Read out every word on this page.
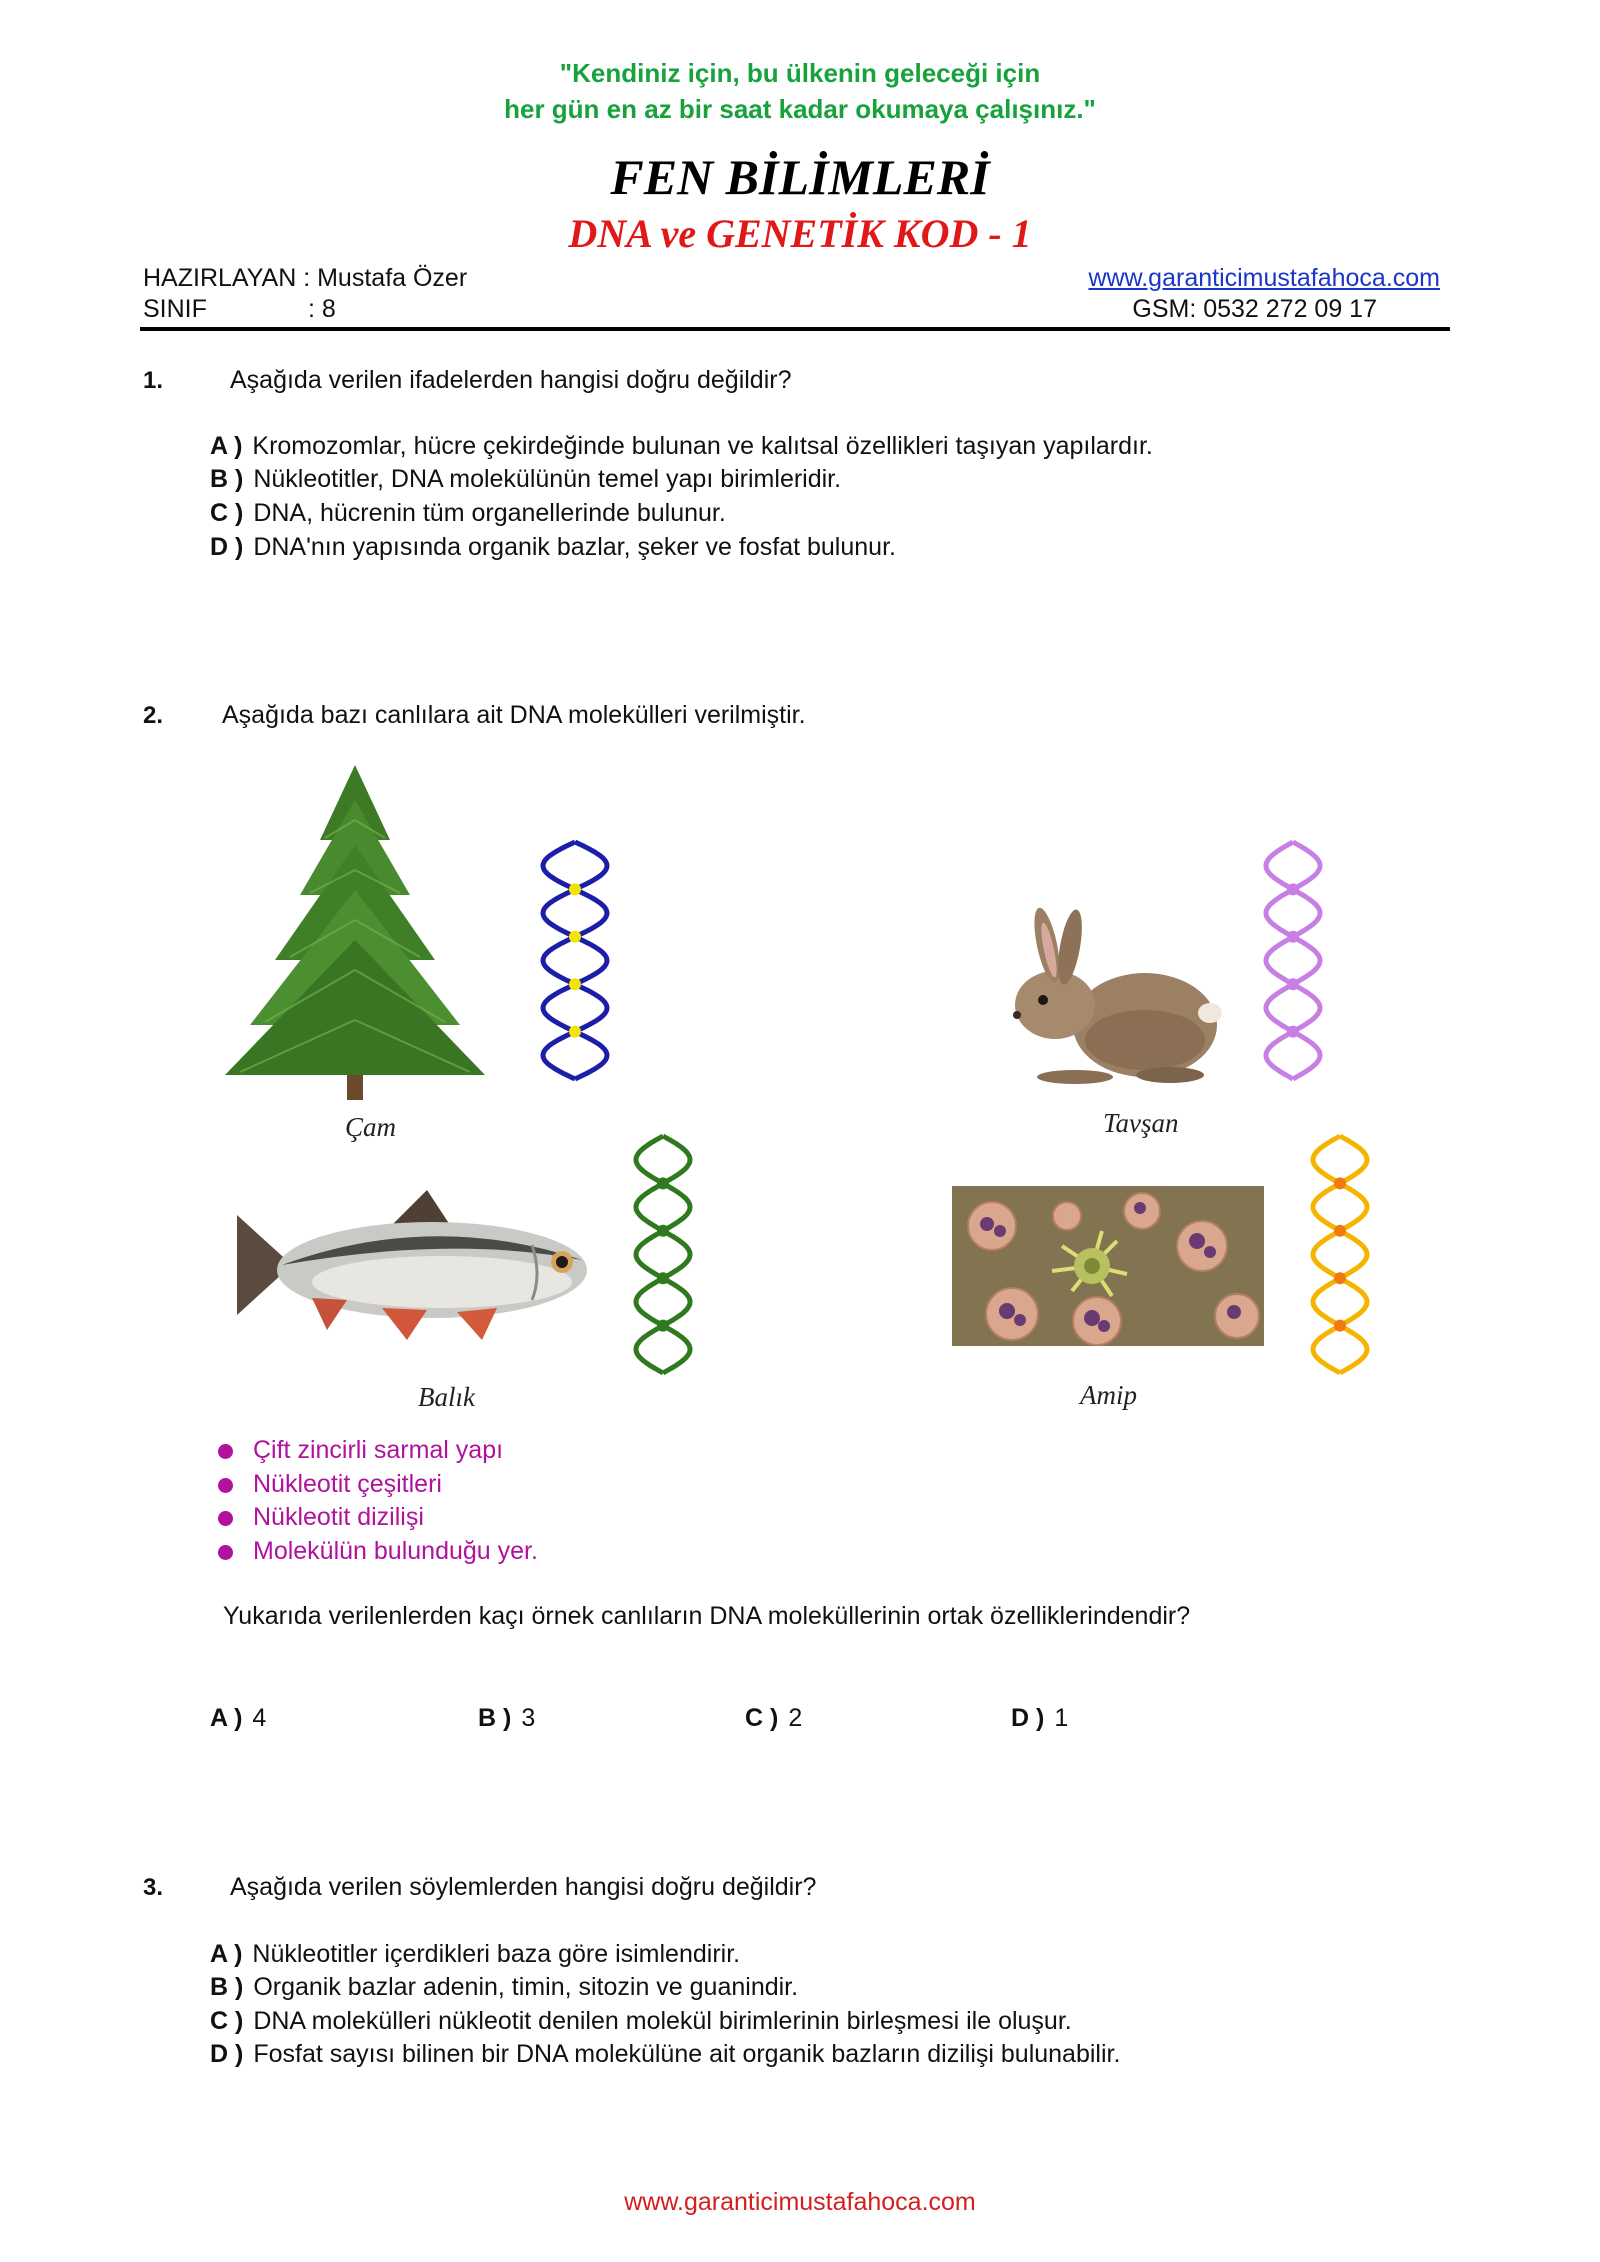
"Kendiniz için, bu ülkenin geleceği için
her gün en az bir saat kadar okumaya çalışınız."
FEN BİLİMLERİ
DNA ve GENETİK KOD - 1
HAZIRLAYAN : Mustafa Özer
SINIF	: 8
www.garanticimustafahoca.com
GSM: 0532 272 09 17
1.	Aşağıda verilen ifadelerden hangisi doğru değildir?
A ) Kromozomlar, hücre çekirdeğinde bulunan ve kalıtsal özellikleri taşıyan yapılardır.
B ) Nükleotitler, DNA molekülünün temel yapı birimleridir.
C ) DNA, hücrenin tüm organellerinde bulunur.
D ) DNA'nın yapısında organik bazlar, şeker ve fosfat bulunur.
2. Aşağıda bazı canlılara ait DNA molekülleri verilmiştir.
Çam	Tavşan
Balık	Amip
Çift zincirli sarmal yapı
Nükleotit çeşitleri
Nükleotit dizilişi
Molekülün bulunduğu yer.
Yukarıda verilenlerden kaçı örnek canlıların DNA moleküllerinin ortak özelliklerindendir?
A ) 4	B ) 3	C ) 2	D ) 1
3.	Aşağıda verilen söylemlerden hangisi doğru değildir?
A ) Nükleotitler içerdikleri baza göre isimlendirir.
B ) Organik bazlar adenin, timin, sitozin ve guanindir.
C ) DNA molekülleri nükleotit denilen molekül birimlerinin birleşmesi ile oluşur.
D ) Fosfat sayısı bilinen bir DNA molekülüne ait organik bazların dizilişi bulunabilir.
www.garanticimustafahoca.com
